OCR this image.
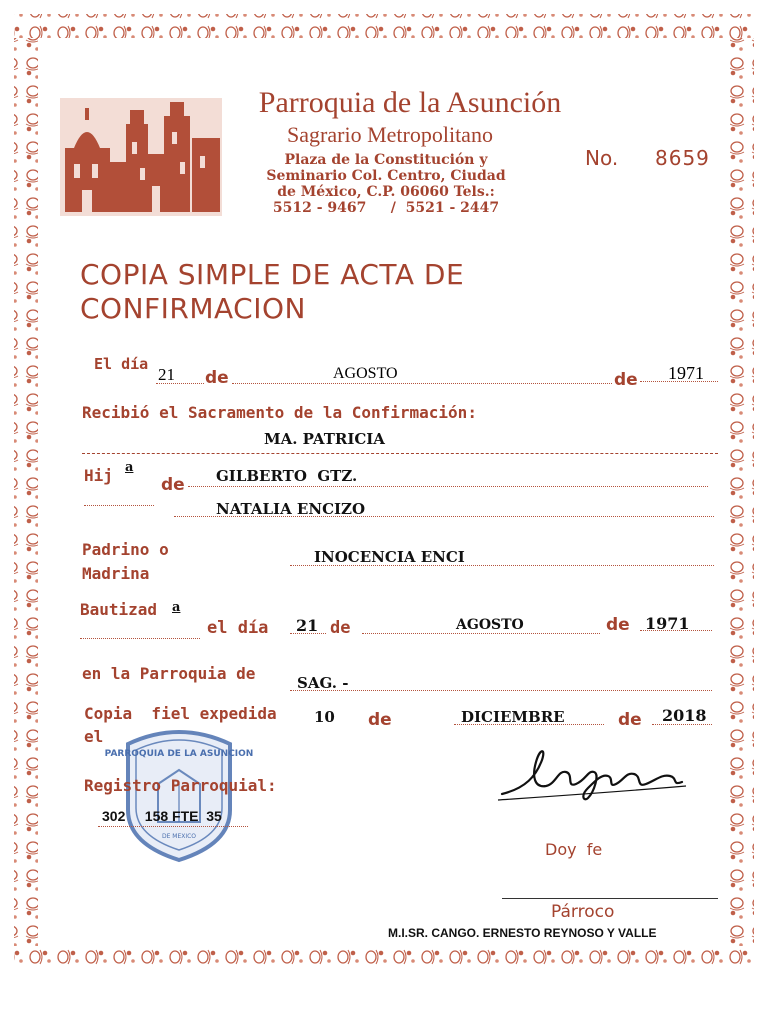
Parroquia de la Asunción
Sagrario Metropolitano
Plaza de la Constitución y
Seminario Col. Centro, Ciudad
de México, C.P. 06060 Tels.:
5512 - 9467     /  5521 - 2447
No. 8659
COPIA SIMPLE DE ACTA DE
CONFIRMACION
El día
21 de	AGOSTO	de 1971
Recibió el Sacramento de la Confirmación:
MA. PATRICIA
Hij a
de GILBERTO  GTZ.
NATALIA ENCIZO
Padrino o
Madrina
INOCENCIA ENCI
Bautizad a
el día 21 de	AGOSTO	de 1971
en la Parroquia de	SAG. -
PARROQUIA DE LA ASUNCION
DE MEXICO
Copia  fiel expedida
el
10 de	DICIEMBRE	de 2018
Registro Parroquial:
302     158 FTE  35
Doy  fe
Párroco
M.I.SR. CANGO. ERNESTO REYNOSO Y VALLE
